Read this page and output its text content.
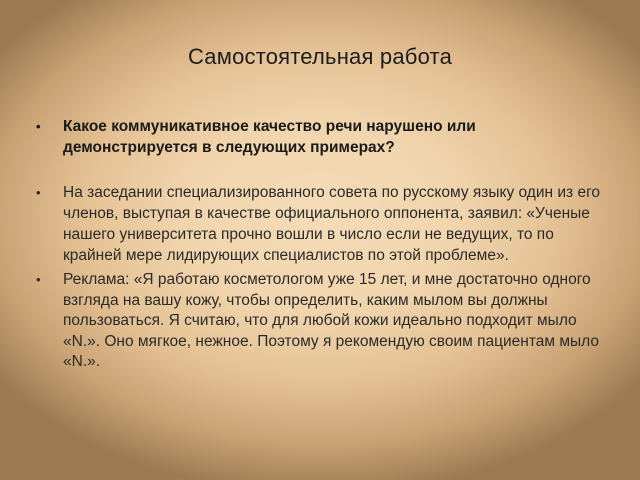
Самостоятельная работа
• Какое коммуникативное качество речи нарушено или демонстрируется в следующих примерах?
• На заседании специализированного совета по русскому языку один из его членов, выступая в качестве официального оппонента, заявил: «Ученые нашего университета прочно вошли в число если не ведущих, то по крайней мере лидирующих специалистов по этой проблеме».
• Реклама: «Я работаю косметологом уже 15 лет, и мне достаточно одного взгляда на вашу кожу, чтобы определить, каким мылом вы должны пользоваться. Я считаю, что для любой кожи идеально подходит мыло «N.». Оно мягкое, нежное. Поэтому я рекомендую своим пациентам мыло «N.».
